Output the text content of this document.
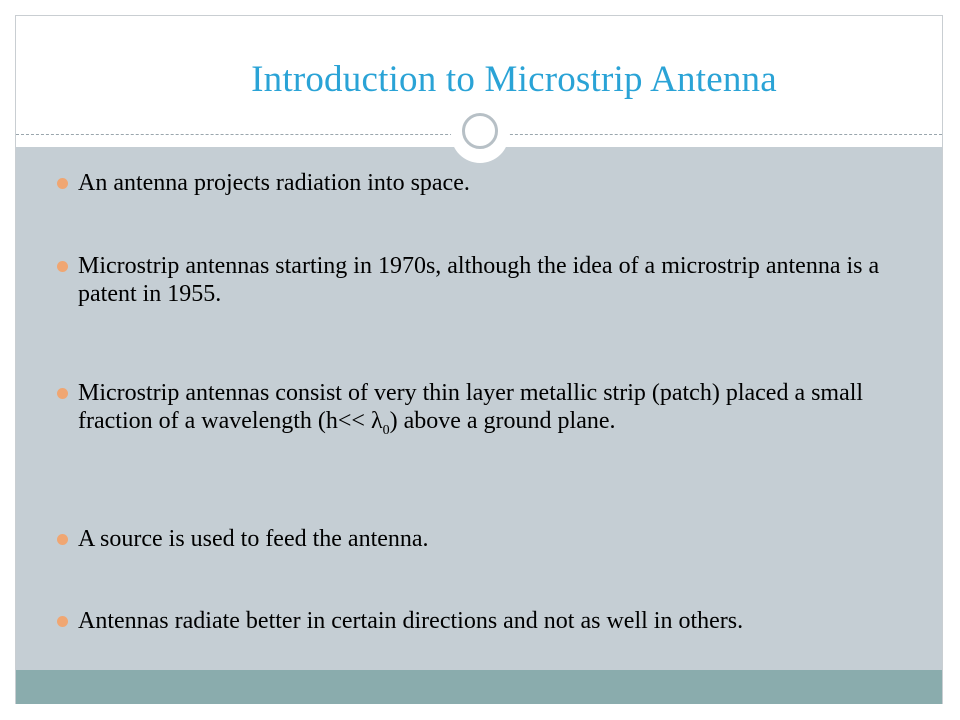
Introduction to Microstrip Antenna
An antenna projects radiation into space.
Microstrip antennas starting in 1970s, although the idea of a microstrip antenna is a patent in 1955.
Microstrip antennas consist of very thin layer metallic strip (patch) placed a small fraction of a wavelength $(h<< \lambda_0)$ above a ground plane.
A source is used to feed the antenna.
Antennas radiate better in certain directions and not as well in others.
